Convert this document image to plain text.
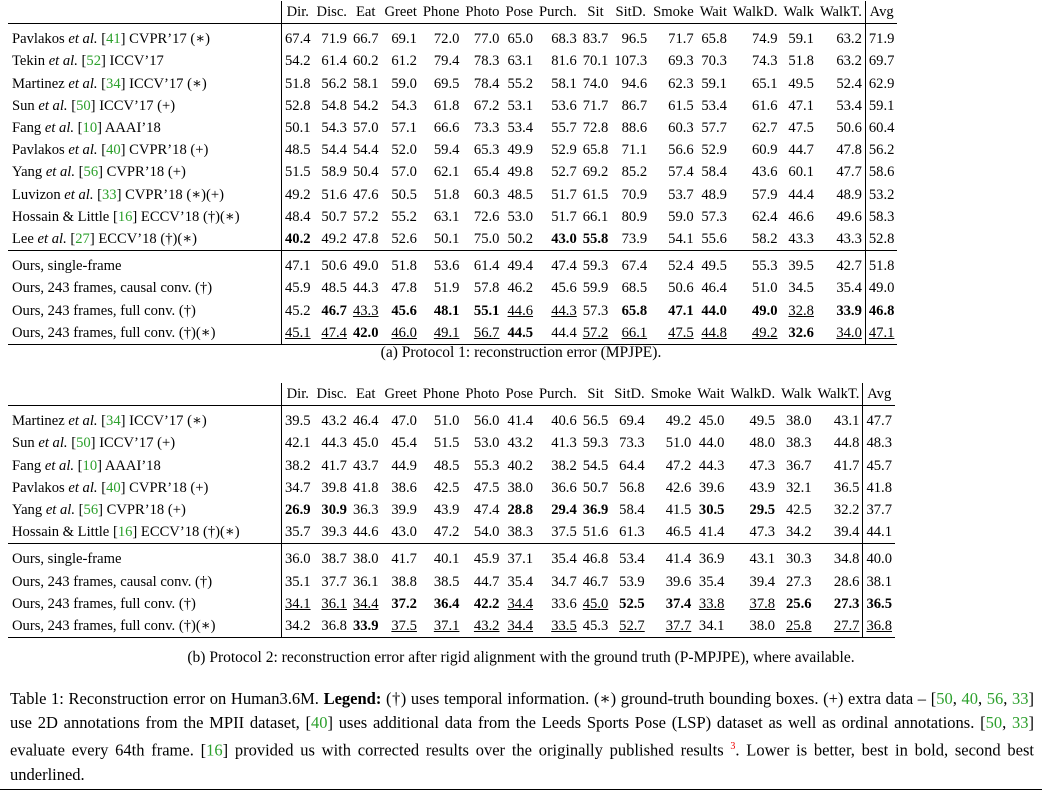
	Dir.	Disc.	Eat	Greet	Phone	Photo	Pose	Purch.	Sit	SitD.	Smoke	Wait	WalkD.	Walk	WalkT.	Avg
Pavlakos et al. [41] CVPR’17 (∗)	67.4	71.9	66.7	69.1	72.0	77.0	65.0	68.3	83.7	96.5	71.7	65.8	74.9	59.1	63.2	71.9
Tekin et al. [52] ICCV’17	54.2	61.4	60.2	61.2	79.4	78.3	63.1	81.6	70.1	107.3	69.3	70.3	74.3	51.8	63.2	69.7
Martinez et al. [34] ICCV’17 (∗)	51.8	56.2	58.1	59.0	69.5	78.4	55.2	58.1	74.0	94.6	62.3	59.1	65.1	49.5	52.4	62.9
Sun et al. [50] ICCV’17 (+)	52.8	54.8	54.2	54.3	61.8	67.2	53.1	53.6	71.7	86.7	61.5	53.4	61.6	47.1	53.4	59.1
Fang et al. [10] AAAI’18	50.1	54.3	57.0	57.1	66.6	73.3	53.4	55.7	72.8	88.6	60.3	57.7	62.7	47.5	50.6	60.4
Pavlakos et al. [40] CVPR’18 (+)	48.5	54.4	54.4	52.0	59.4	65.3	49.9	52.9	65.8	71.1	56.6	52.9	60.9	44.7	47.8	56.2
Yang et al. [56] CVPR’18 (+)	51.5	58.9	50.4	57.0	62.1	65.4	49.8	52.7	69.2	85.2	57.4	58.4	43.6	60.1	47.7	58.6
Luvizon et al. [33] CVPR’18 (∗)(+)	49.2	51.6	47.6	50.5	51.8	60.3	48.5	51.7	61.5	70.9	53.7	48.9	57.9	44.4	48.9	53.2
Hossain & Little [16] ECCV’18 (†)(∗)	48.4	50.7	57.2	55.2	63.1	72.6	53.0	51.7	66.1	80.9	59.0	57.3	62.4	46.6	49.6	58.3
Lee et al. [27] ECCV’18 (†)(∗)	40.2	49.2	47.8	52.6	50.1	75.0	50.2	43.0	55.8	73.9	54.1	55.6	58.2	43.3	43.3	52.8
Ours, single-frame	47.1	50.6	49.0	51.8	53.6	61.4	49.4	47.4	59.3	67.4	52.4	49.5	55.3	39.5	42.7	51.8
Ours, 243 frames, causal conv. (†)	45.9	48.5	44.3	47.8	51.9	57.8	46.2	45.6	59.9	68.5	50.6	46.4	51.0	34.5	35.4	49.0
Ours, 243 frames, full conv. (†)	45.2	46.7	43.3	45.6	48.1	55.1	44.6	44.3	57.3	65.8	47.1	44.0	49.0	32.8	33.9	46.8
Ours, 243 frames, full conv. (†)(∗)	45.1	47.4	42.0	46.0	49.1	56.7	44.5	44.4	57.2	66.1	47.5	44.8	49.2	32.6	34.0	47.1
(a) Protocol 1: reconstruction error (MPJPE).
	Dir.	Disc.	Eat	Greet	Phone	Photo	Pose	Purch.	Sit	SitD.	Smoke	Wait	WalkD.	Walk	WalkT.	Avg
Martinez et al. [34] ICCV’17 (∗)	39.5	43.2	46.4	47.0	51.0	56.0	41.4	40.6	56.5	69.4	49.2	45.0	49.5	38.0	43.1	47.7
Sun et al. [50] ICCV’17 (+)	42.1	44.3	45.0	45.4	51.5	53.0	43.2	41.3	59.3	73.3	51.0	44.0	48.0	38.3	44.8	48.3
Fang et al. [10] AAAI’18	38.2	41.7	43.7	44.9	48.5	55.3	40.2	38.2	54.5	64.4	47.2	44.3	47.3	36.7	41.7	45.7
Pavlakos et al. [40] CVPR’18 (+)	34.7	39.8	41.8	38.6	42.5	47.5	38.0	36.6	50.7	56.8	42.6	39.6	43.9	32.1	36.5	41.8
Yang et al. [56] CVPR’18 (+)	26.9	30.9	36.3	39.9	43.9	47.4	28.8	29.4	36.9	58.4	41.5	30.5	29.5	42.5	32.2	37.7
Hossain & Little [16] ECCV’18 (†)(∗)	35.7	39.3	44.6	43.0	47.2	54.0	38.3	37.5	51.6	61.3	46.5	41.4	47.3	34.2	39.4	44.1
Ours, single-frame	36.0	38.7	38.0	41.7	40.1	45.9	37.1	35.4	46.8	53.4	41.4	36.9	43.1	30.3	34.8	40.0
Ours, 243 frames, causal conv. (†)	35.1	37.7	36.1	38.8	38.5	44.7	35.4	34.7	46.7	53.9	39.6	35.4	39.4	27.3	28.6	38.1
Ours, 243 frames, full conv. (†)	34.1	36.1	34.4	37.2	36.4	42.2	34.4	33.6	45.0	52.5	37.4	33.8	37.8	25.6	27.3	36.5
Ours, 243 frames, full conv. (†)(∗)	34.2	36.8	33.9	37.5	37.1	43.2	34.4	33.5	45.3	52.7	37.7	34.1	38.0	25.8	27.7	36.8
(b) Protocol 2: reconstruction error after rigid alignment with the ground truth (P-MPJPE), where available.
Table 1: Reconstruction error on Human3.6M. Legend: (†) uses temporal information. (∗) ground-truth bounding boxes. (+) extra data – [50, 40, 56, 33] use 2D annotations from the MPII dataset, [40] uses additional data from the Leeds Sports Pose (LSP) dataset as well as ordinal annotations. [50, 33] evaluate every 64th frame. [16] provided us with corrected results over the originally published results $^3$. Lower is better, best in bold, second best underlined.
